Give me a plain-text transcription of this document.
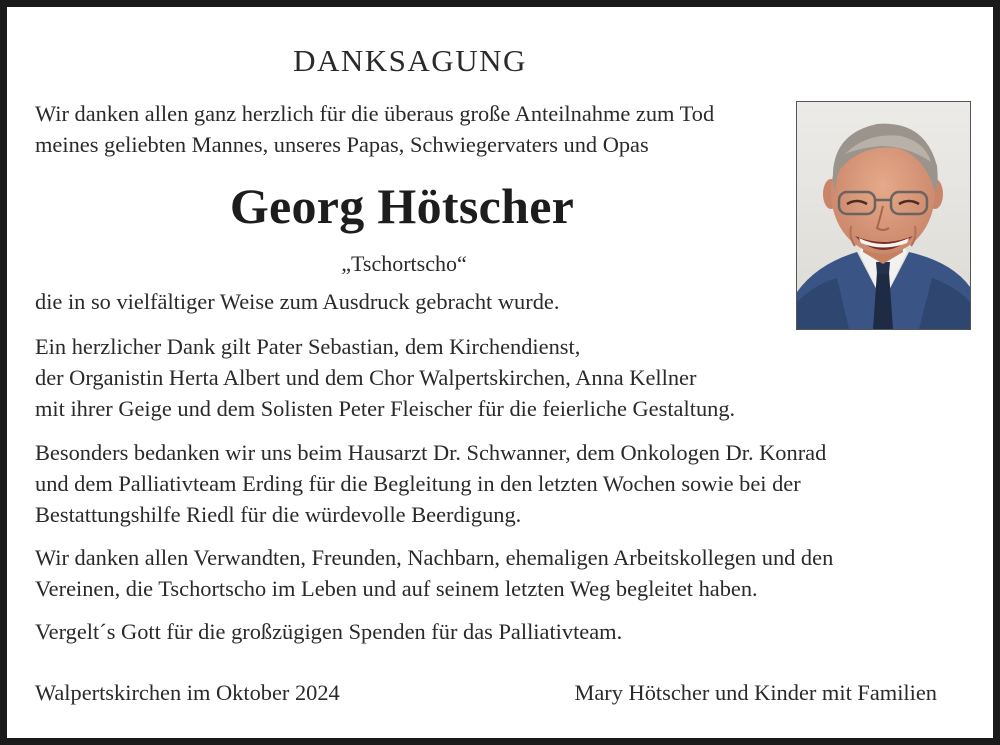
DANKSAGUNG

Wir danken allen ganz herzlich für die überaus große Anteilnahme zum Tod

meines geliebten Mannes, unseres Papas, Schwiegervaters und Opas

Georg Hötscher

„Tschortscho“

die in so vielfältiger Weise zum Ausdruck gebracht wurde.

Ein herzlicher Dank gilt Pater Sebastian, dem Kirchendienst,

der Organistin Herta Albert und dem Chor Walpertskirchen, Anna Kellner

mit ihrer Geige und dem Solisten Peter Fleischer für die feierliche Gestaltung.

Besonders bedanken wir uns beim Hausarzt Dr. Schwanner, dem Onkologen Dr. Konrad

und dem Palliativteam Erding für die Begleitung in den letzten Wochen sowie bei der

Bestattungshilfe Riedl für die würdevolle Beerdigung.

Wir danken allen Verwandten, Freunden, Nachbarn, ehemaligen Arbeitskollegen und den

Vereinen, die Tschortscho im Leben und auf seinem letzten Weg begleitet haben.

Vergelt´s Gott für die großzügigen Spenden für das Palliativteam.

Walpertskirchen im Oktober 2024	Mary Hötscher und Kinder mit Familien
